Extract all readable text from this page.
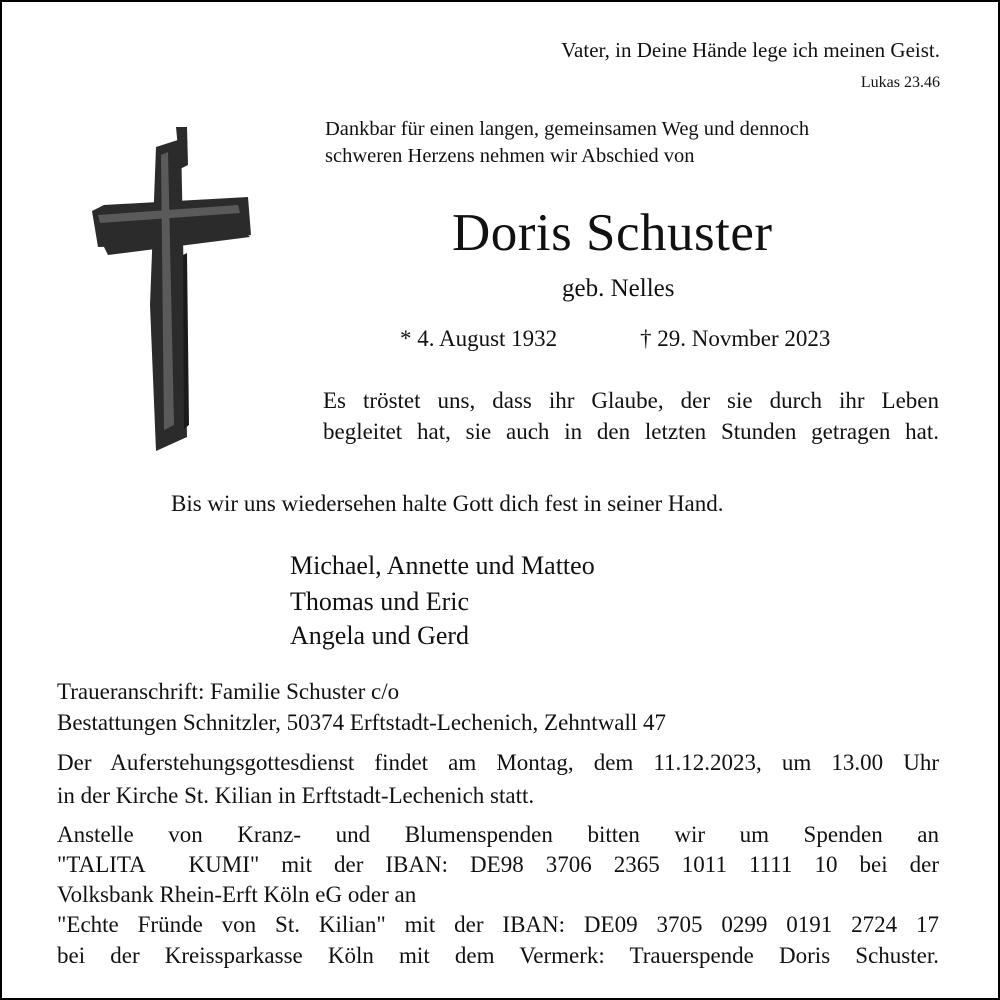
Vater, in Deine Hände lege ich meinen Geist.

Lukas 23.46

Dankbar für einen langen, gemeinsamen Weg und dennoch

schweren Herzens nehmen wir Abschied von

Doris Schuster

geb. Nelles

* 4. August 1932	† 29. Novmber 2023

Es tröstet uns, dass ihr Glaube, der sie durch ihr Leben

begleitet hat, sie auch in den letzten Stunden getragen hat.

Bis wir uns wiedersehen halte Gott dich fest in seiner Hand.

Michael, Annette und Matteo

Thomas und Eric

Angela und Gerd

Traueranschrift: Familie Schuster c/o

Bestattungen Schnitzler, 50374 Erftstadt-Lechenich, Zehntwall 47

Der Auferstehungsgottesdienst findet am Montag, dem 11.12.2023, um 13.00 Uhr

in der Kirche St. Kilian in Erftstadt-Lechenich statt.

Anstelle von Kranz- und Blumenspenden bitten wir um Spenden an

"TALITA  KUMI" mit der IBAN: DE98 3706 2365 1011 1111 10 bei der

Volksbank Rhein-Erft Köln eG oder an

"Echte Fründe von St. Kilian" mit der IBAN: DE09 3705 0299 0191 2724 17

bei der Kreissparkasse Köln mit dem Vermerk: Trauerspende Doris Schuster.
